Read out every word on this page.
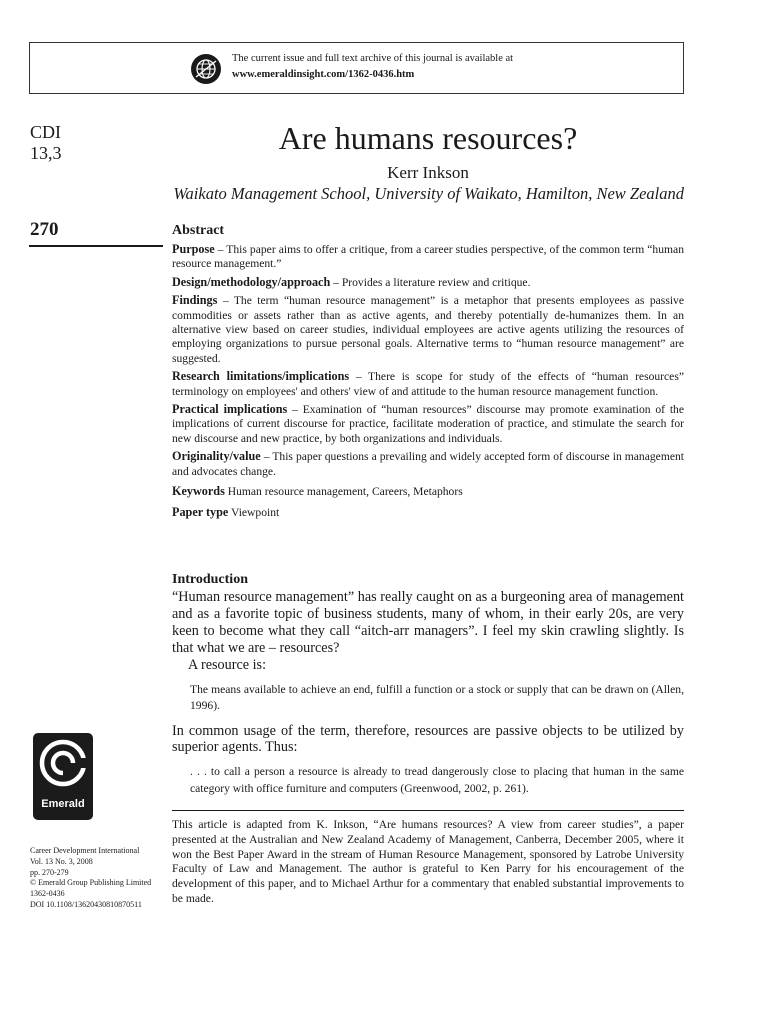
The current issue and full text archive of this journal is available at
www.emeraldinsight.com/1362-0436.htm
CDI
13,3
270
Are humans resources?
Kerr Inkson
Waikato Management School, University of Waikato, Hamilton, New Zealand

Abstract

Purpose – This paper aims to offer a critique, from a career studies perspective, of the common term “human resource management.”

Design/methodology/approach – Provides a literature review and critique.

Findings – The term “human resource management” is a metaphor that presents employees as passive commodities or assets rather than as active agents, and thereby potentially de-humanizes them. In an alternative view based on career studies, individual employees are active agents utilizing the resources of employing organizations to pursue personal goals. Alternative terms to “human resource management” are suggested.

Research limitations/implications – There is scope for study of the effects of “human resources” terminology on employees' and others' view of and attitude to the human resource management function.

Practical implications – Examination of “human resources” discourse may promote examination of the implications of current discourse for practice, facilitate moderation of practice, and stimulate the search for new discourse and new practice, by both organizations and individuals.

Originality/value – This paper questions a prevailing and widely accepted form of discourse in management and advocates change.

Keywords Human resource management, Careers, Metaphors

Paper type Viewpoint

Introduction

“Human resource management” has really caught on as a burgeoning area of management and as a favorite topic of business students, many of whom, in their early 20s, are very keen to become what they call “aitch-arr managers”. I feel my skin crawling slightly. Is that what we are – resources?

A resource is:

The means available to achieve an end, fulfill a function or a stock or supply that can be drawn on (Allen, 1996).

In common usage of the term, therefore, resources are passive objects to be utilized by superior agents. Thus:

. . . to call a person a resource is already to tread dangerously close to placing that human in the same category with office furniture and computers (Greenwood, 2002, p. 261).

This article is adapted from K. Inkson, “Are humans resources? A view from career studies”, a paper presented at the Australian and New Zealand Academy of Management, Canberra, December 2005, where it won the Best Paper Award in the stream of Human Resource Management, sponsored by Latrobe University Faculty of Law and Management. The author is grateful to Ken Parry for his encouragement of the development of this paper, and to Michael Arthur for a commentary that enabled substantial improvements to be made.
Emerald
Career Development International
Vol. 13 No. 3, 2008
pp. 270-279
© Emerald Group Publishing Limited
1362-0436
DOI 10.1108/13620430810870511
